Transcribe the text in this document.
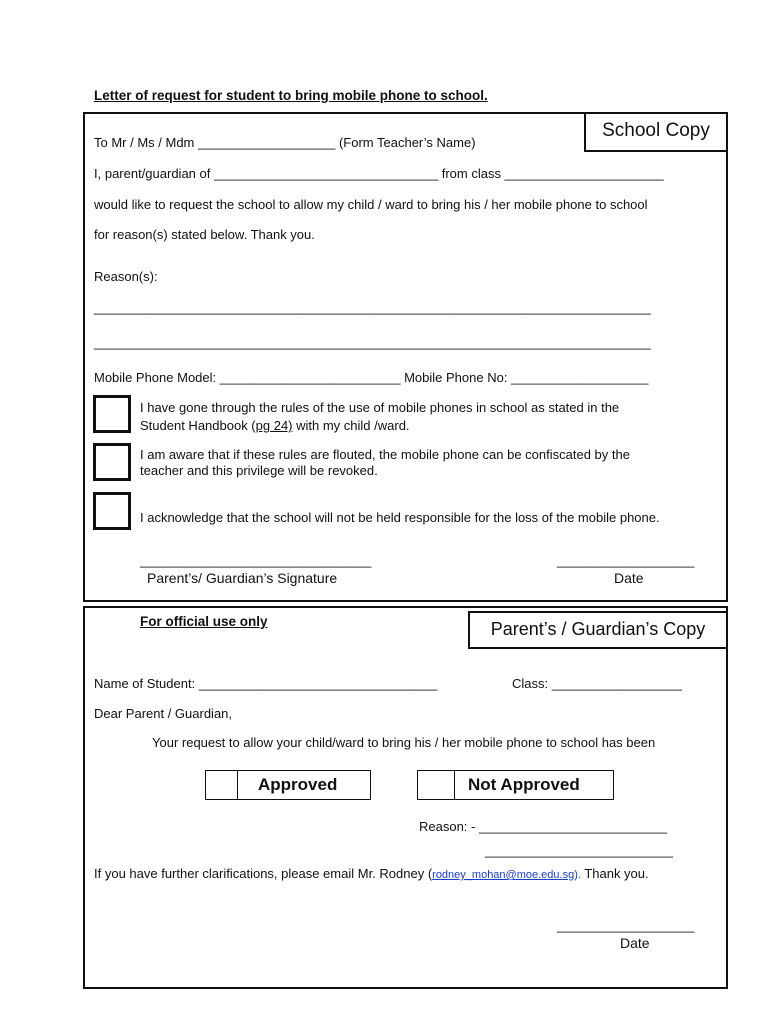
Letter of request for student to bring mobile phone to school.
School Copy
To Mr / Ms / Mdm ___________________ (Form Teacher’s Name)
I, parent/guardian of _______________________________ from class ______________________
would like to request the school to allow my child / ward to bring his / her mobile phone to school
for reason(s) stated below. Thank you.
Reason(s):
_____________________________________________________________________________
_____________________________________________________________________________
Mobile Phone Model: _________________________ Mobile Phone No: ___________________
I have gone through the rules of the use of mobile phones in school as stated in the
Student Handbook (pg 24) with my child /ward.
I am aware that if these rules are flouted, the mobile phone can be confiscated by the
teacher and this privilege will be revoked.
I acknowledge that the school will not be held responsible for the loss of the mobile phone.
________________________________
Parent’s/ Guardian’s Signature
___________________
Date
Parent’s / Guardian’s Copy
For official use only
Name of Student: _________________________________	Class: __________________
Dear Parent / Guardian,
Your request to allow your child/ward to bring his / her mobile phone to school has been
Approved	Not Approved
Reason: - __________________________
__________________________
If you have further clarifications, please email Mr. Rodney (rodney_mohan@moe.edu.sg). Thank you.
___________________
Date
